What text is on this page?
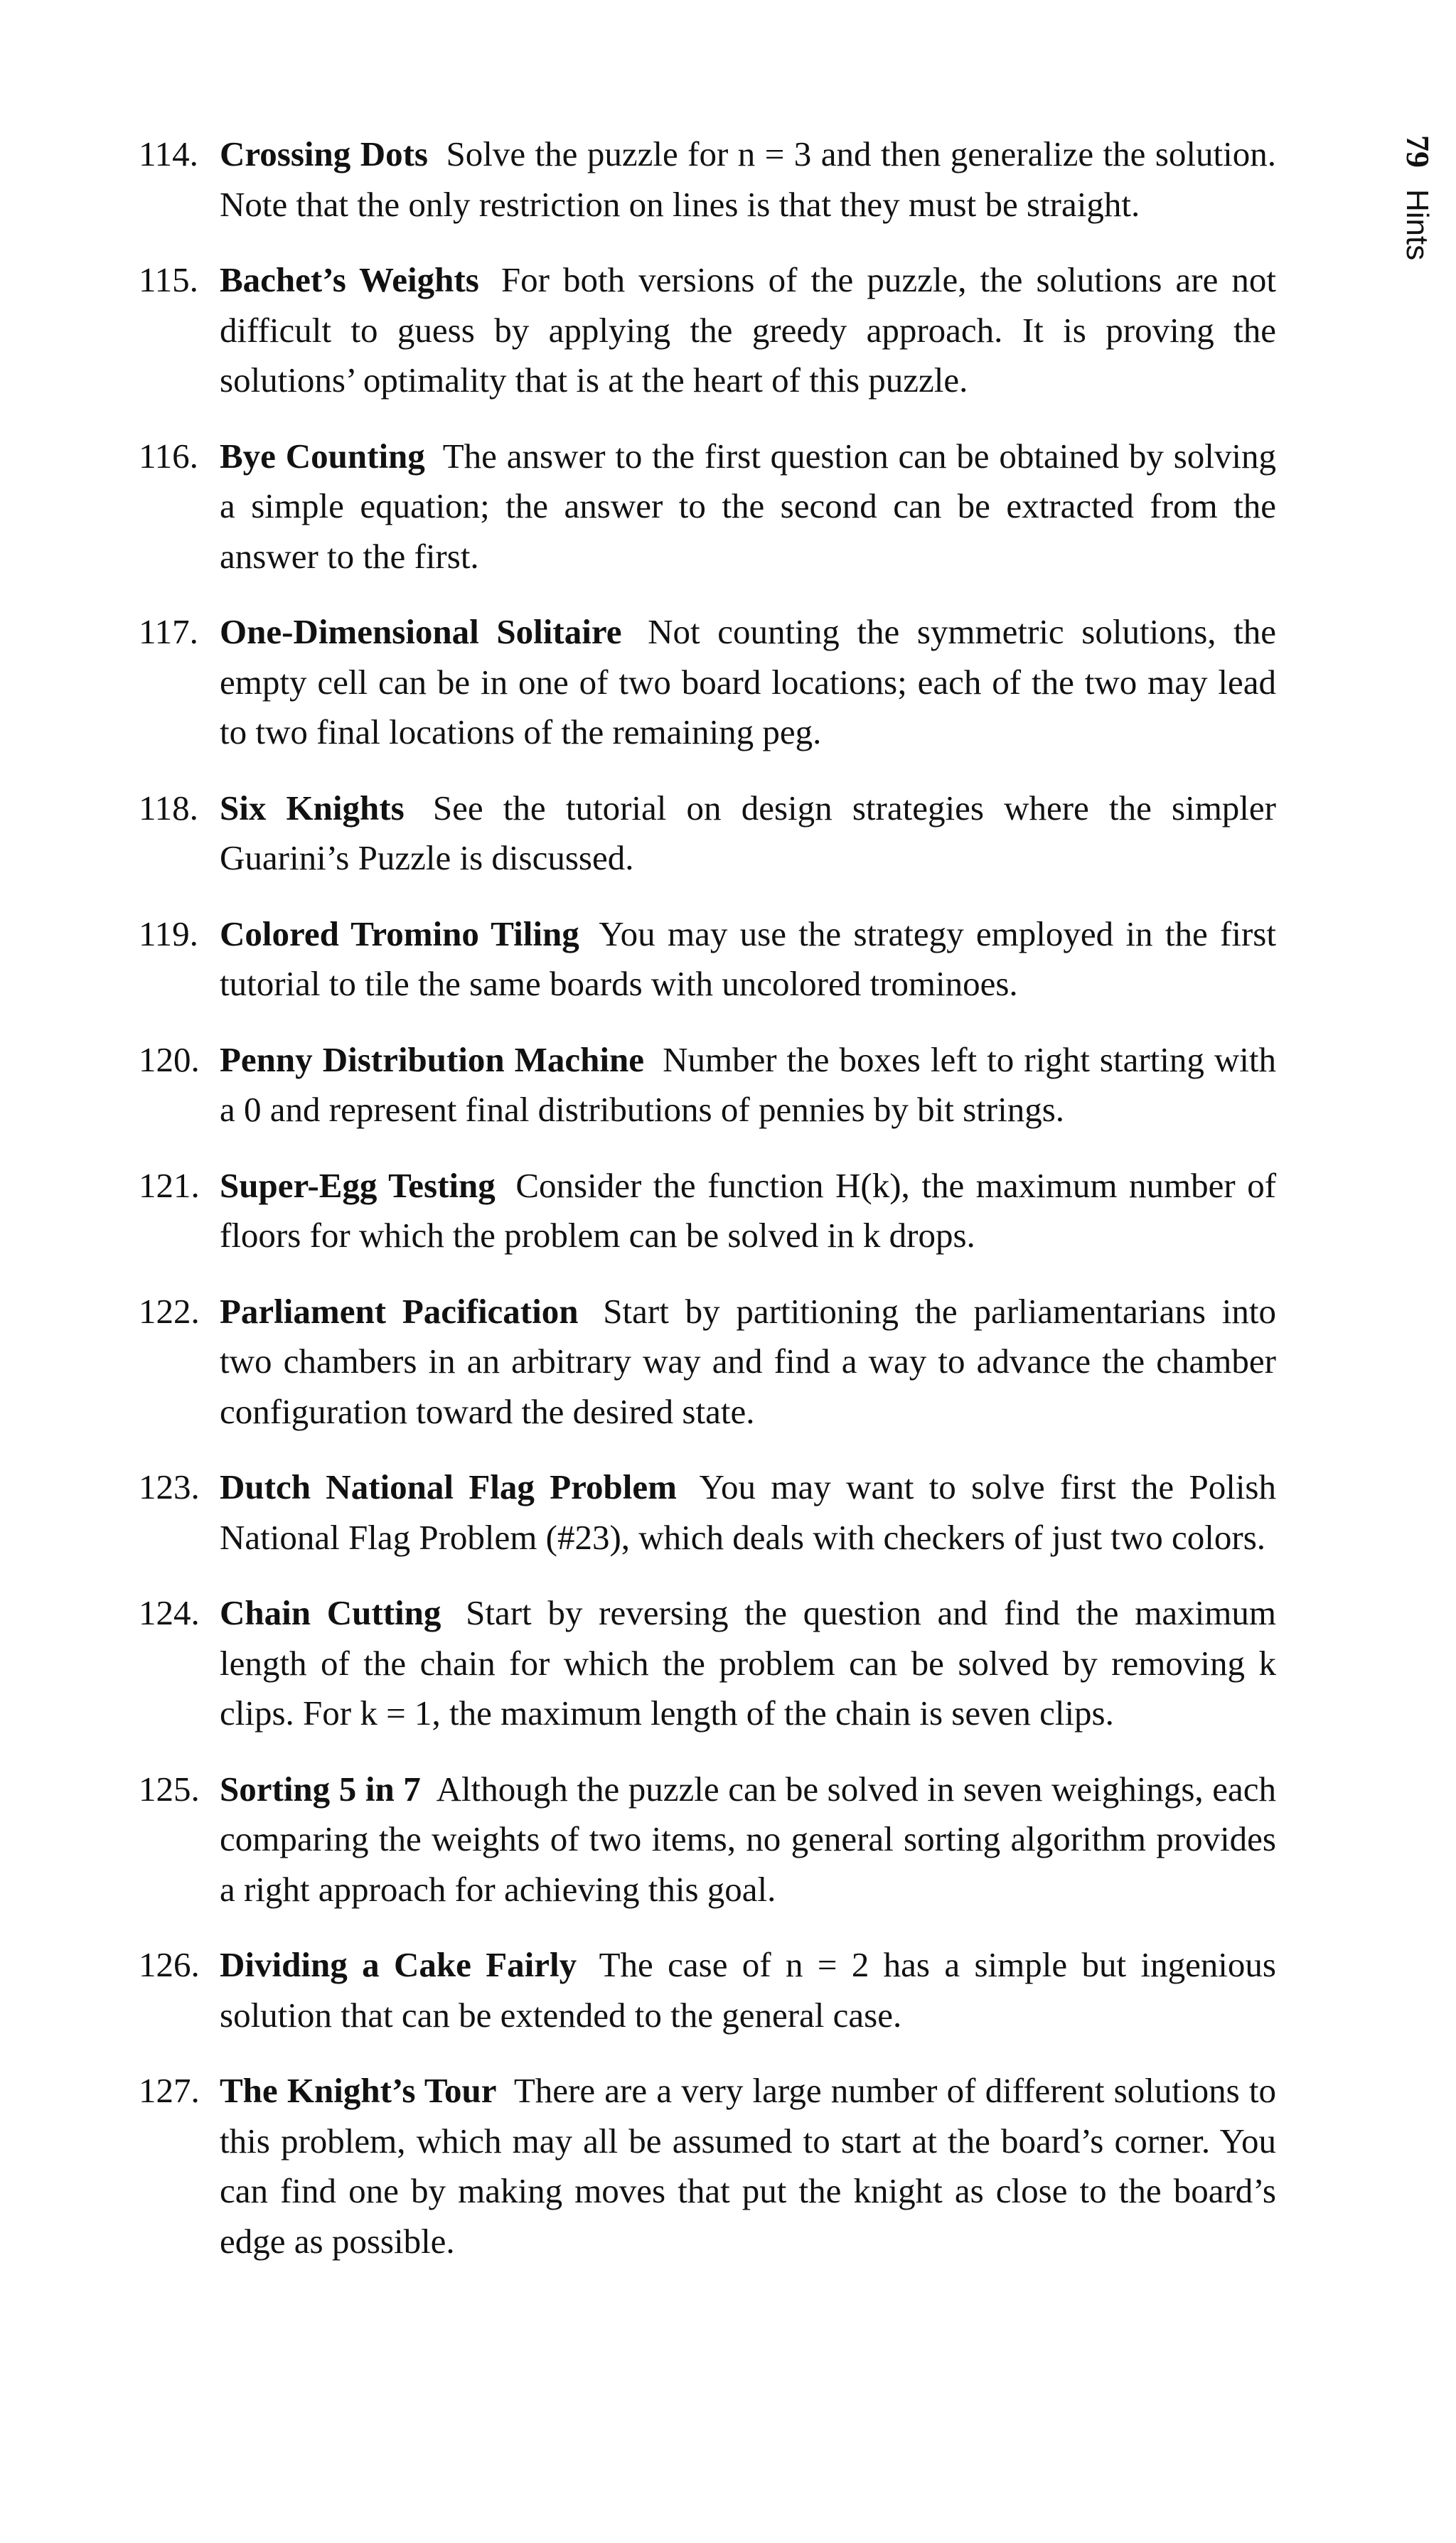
79Hints
114. Crossing Dots Solve the puzzle for n = 3 and then generalize the solution. Note that the only restriction on lines is that they must be straight.
115. Bachet’s Weights For both versions of the puzzle, the solutions are not difficult to guess by applying the greedy approach. It is proving the solutions’ optimality that is at the heart of this puzzle.
116. Bye Counting The answer to the first question can be obtained by solving a simple equation; the answer to the second can be extracted from the answer to the first.
117. One-Dimensional Solitaire Not counting the symmetric solutions, the empty cell can be in one of two board locations; each of the two may lead to two final locations of the remaining peg.
118. Six Knights See the tutorial on design strategies where the simpler Guarini’s Puzzle is discussed.
119. Colored Tromino Tiling You may use the strategy employed in the first tutorial to tile the same boards with uncolored trominoes.
120. Penny Distribution Machine Number the boxes left to right starting with a 0 and represent final distributions of pennies by bit strings.
121. Super-Egg Testing Consider the function H(k), the maximum number of floors for which the problem can be solved in k drops.
122. Parliament Pacification Start by partitioning the parliamentarians into two chambers in an arbitrary way and find a way to advance the chamber configuration toward the desired state.
123. Dutch National Flag Problem You may want to solve first the Polish National Flag Problem (#23), which deals with checkers of just two colors.
124. Chain Cutting Start by reversing the question and find the maximum length of the chain for which the problem can be solved by removing k clips. For k = 1, the maximum length of the chain is seven clips.
125. Sorting 5 in 7 Although the puzzle can be solved in seven weighings, each comparing the weights of two items, no general sorting algorithm provides a right approach for achieving this goal.
126. Dividing a Cake Fairly The case of n = 2 has a simple but ingenious solution that can be extended to the general case.
127. The Knight’s Tour There are a very large number of different solutions to this problem, which may all be assumed to start at the board’s corner. You can find one by making moves that put the knight as close to the board’s edge as possible.
